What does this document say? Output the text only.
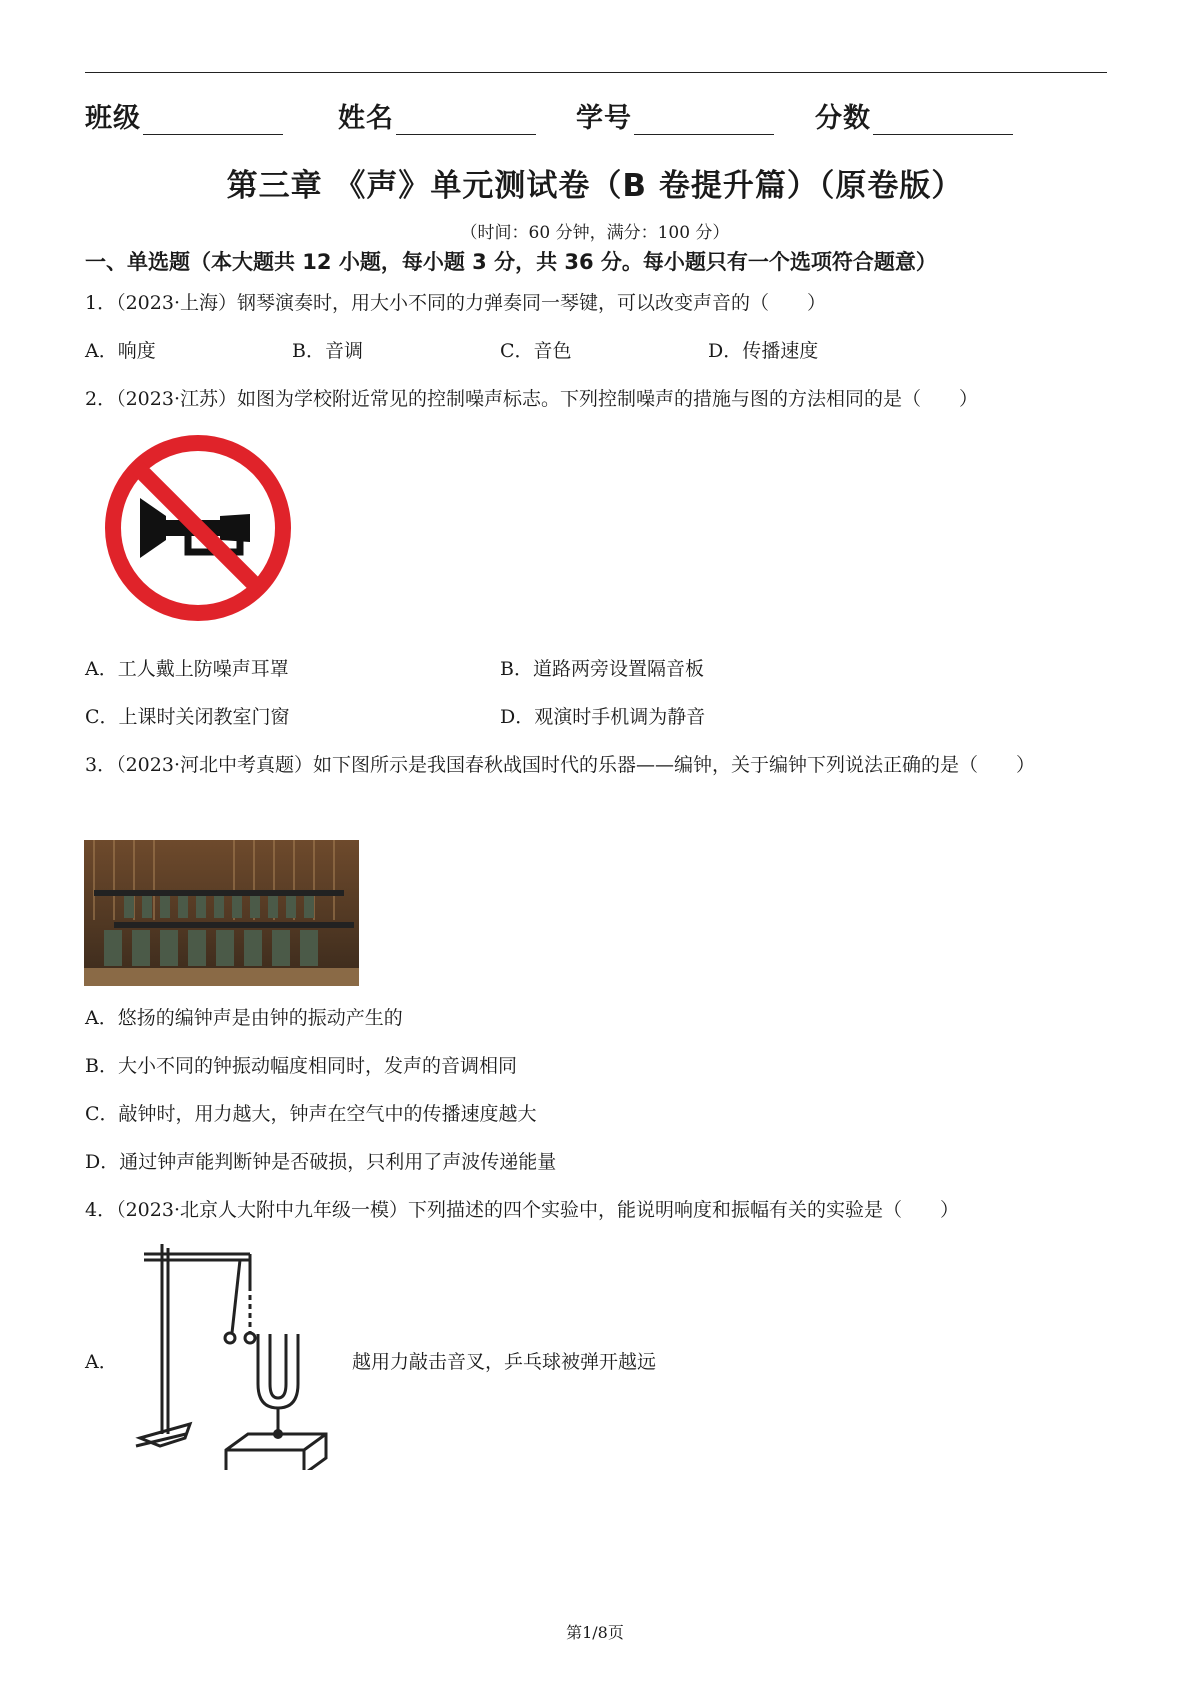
班级	姓名	学号	分数
第三章 《声》单元测试卷（B 卷提升篇）（原卷版）
（时间：60 分钟，满分：100 分）
一、单选题（本大题共 12 小题，每小题 3 分，共 36 分。每小题只有一个选项符合题意）
1．（2023·上海）钢琴演奏时，用大小不同的力弹奏同一琴键，可以改变声音的（　　）
A．响度	B．音调	C．音色	D．传播速度
2．（2023·江苏）如图为学校附近常见的控制噪声标志。下列控制噪声的措施与图的方法相同的是（　　）
A．工人戴上防噪声耳罩	B．道路两旁设置隔音板
C．上课时关闭教室门窗	D．观演时手机调为静音
3．（2023·河北中考真题）如下图所示是我国春秋战国时代的乐器——编钟，关于编钟下列说法正确的是（　　）
A．悠扬的编钟声是由钟的振动产生的
B．大小不同的钟振动幅度相同时，发声的音调相同
C．敲钟时，用力越大，钟声在空气中的传播速度越大
D．通过钟声能判断钟是否破损，只利用了声波传递能量
4．（2023·北京人大附中九年级一模）下列描述的四个实验中，能说明响度和振幅有关的实验是（　　）
A．	越用力敲击音叉，乒乓球被弹开越远
第1/8页
